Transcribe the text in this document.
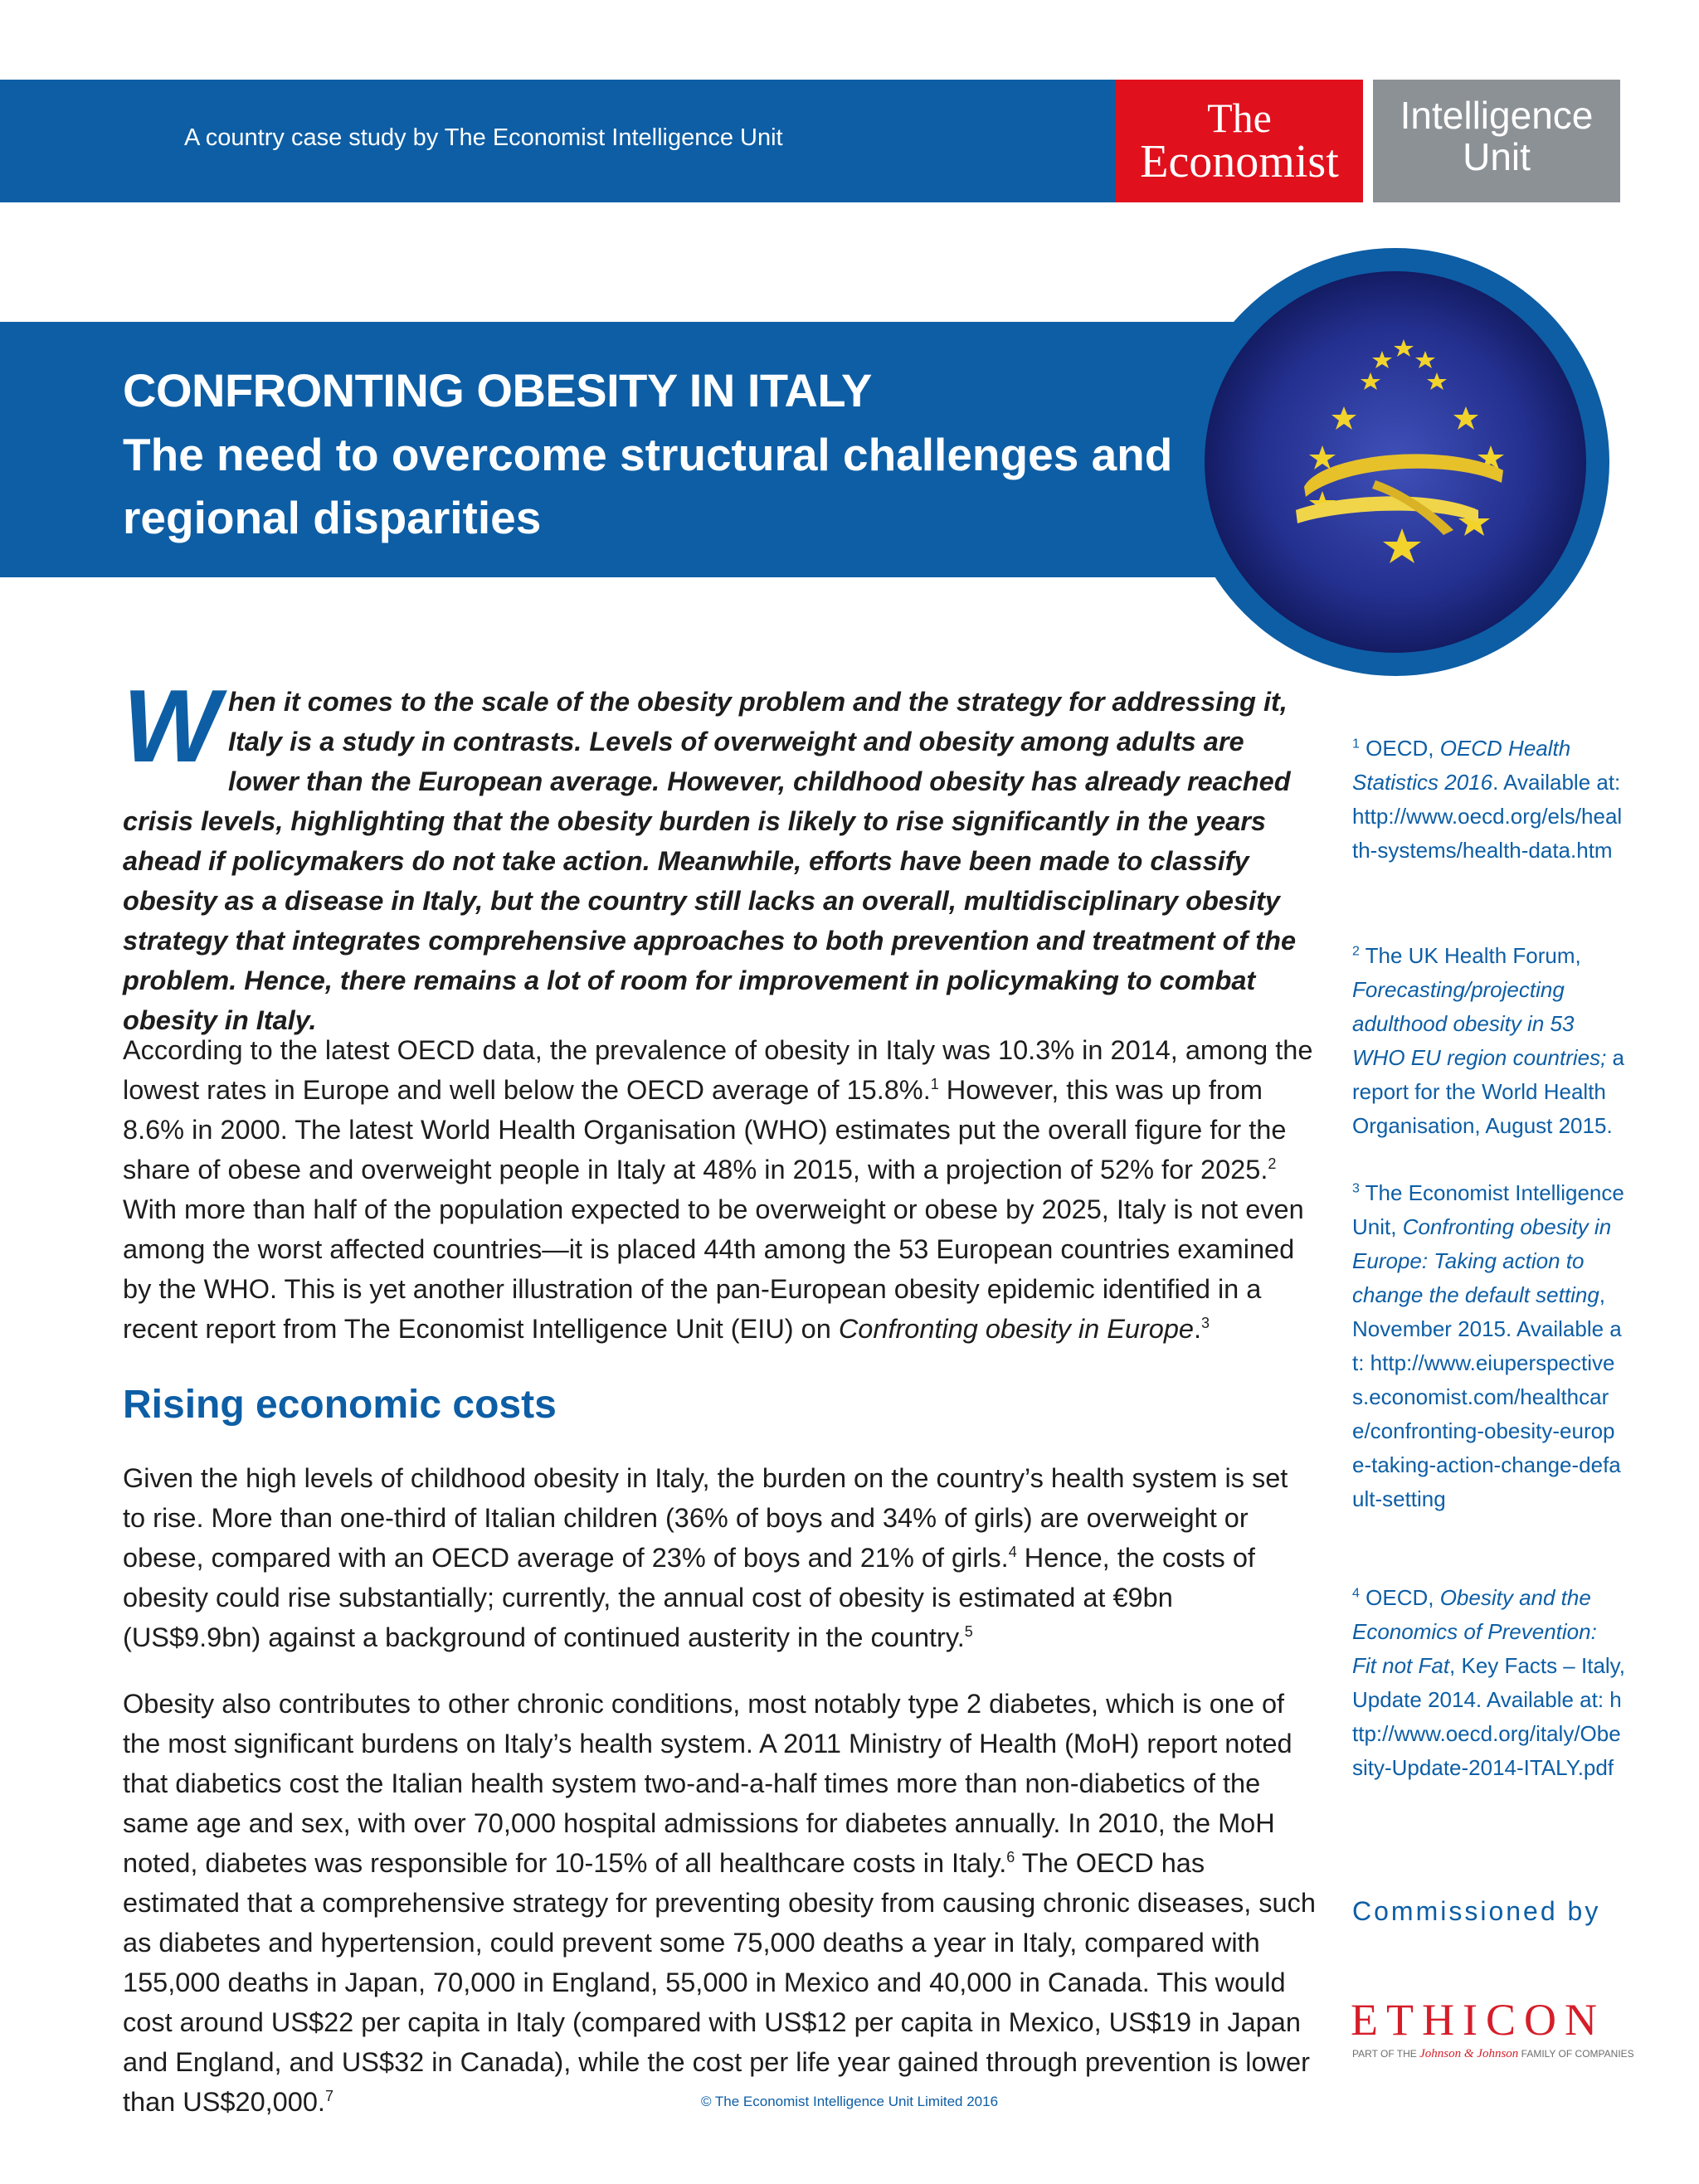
A country case study by The Economist Intelligence Unit	The
Economist
Intelligence
Unit
CONFRONTING OBESITY IN ITALY
The need to overcome structural challenges and regional disparities

When it comes to the scale of the obesity problem and the strategy for addressing it, Italy is a study in contrasts. Levels of overweight and obesity among adults are lower than the European average. However, childhood obesity has already reached crisis levels, highlighting that the obesity burden is likely to rise significantly in the years ahead if policymakers do not take action. Meanwhile, efforts have been made to classify obesity as a disease in Italy, but the country still lacks an overall, multidisciplinary obesity strategy that integrates comprehensive approaches to both prevention and treatment of the problem. Hence, there remains a lot of room for improvement in policymaking to combat obesity in Italy.

According to the latest OECD data, the prevalence of obesity in Italy was 10.3% in 2014, among the lowest rates in Europe and well below the OECD average of 15.8%.$^1$ However, this was up from 8.6% in 2000. The latest World Health Organisation (WHO) estimates put the overall figure for the share of obese and overweight people in Italy at 48% in 2015, with a projection of 52% for 2025.$^2$ With more than half of the population expected to be overweight or obese by 2025, Italy is not even among the worst affected countries—it is placed 44th among the 53 European countries examined by the WHO. This is yet another illustration of the pan-European obesity epidemic identified in a recent report from The Economist Intelligence Unit (EIU) on Confronting obesity in Europe.$^3$

Rising economic costs

Given the high levels of childhood obesity in Italy, the burden on the country’s health system is set to rise. More than one-third of Italian children (36% of boys and 34% of girls) are overweight or obese, compared with an OECD average of 23% of boys and 21% of girls.$^4$ Hence, the costs of obesity could rise substantially; currently, the annual cost of obesity is estimated at €9bn (US$9.9bn) against a background of continued austerity in the country.$^5$

Obesity also contributes to other chronic conditions, most notably type 2 diabetes, which is one of the most significant burdens on Italy’s health system. A 2011 Ministry of Health (MoH) report noted that diabetics cost the Italian health system two-and-a-half times more than non-diabetics of the same age and sex, with over 70,000 hospital admissions for diabetes annually. In 2010, the MoH noted, diabetes was responsible for 10-15% of all healthcare costs in Italy.$^6$ The OECD has estimated that a comprehensive strategy for preventing obesity from causing chronic diseases, such as diabetes and hypertension, could prevent some 75,000 deaths a year in Italy, compared with 155,000 deaths in Japan, 70,000 in England, 55,000 in Mexico and 40,000 in Canada. This would cost around US$22 per capita in Italy (compared with US$12 per capita in Mexico, US$19 in Japan and England, and US$32 in Canada), while the cost per life year gained through prevention is lower than US$20,000.$^7$

$^1$ OECD, OECD Health Statistics 2016. Available at: http://www.oecd.org/els/health-systems/health-data.htm

$^2$ The UK Health Forum, Forecasting/projecting adulthood obesity in 53 WHO EU region countries; a report for the World Health Organisation, August 2015.

$^3$ The Economist Intelligence Unit, Confronting obesity in Europe: Taking action to change the default setting, November 2015. Available at: http://www.eiuperspectives.economist.com/healthcare/confronting-obesity-europe-taking-action-change-default-setting

$^4$ OECD, Obesity and the Economics of Prevention: Fit not Fat, Key Facts – Italy, Update 2014. Available at: http://www.oecd.org/italy/Obesity-Update-2014-ITALY.pdf

Commissioned by

ETHICON

PART OF THE Johnson & Johnson FAMILY OF COMPANIES

© The Economist Intelligence Unit Limited 2016
